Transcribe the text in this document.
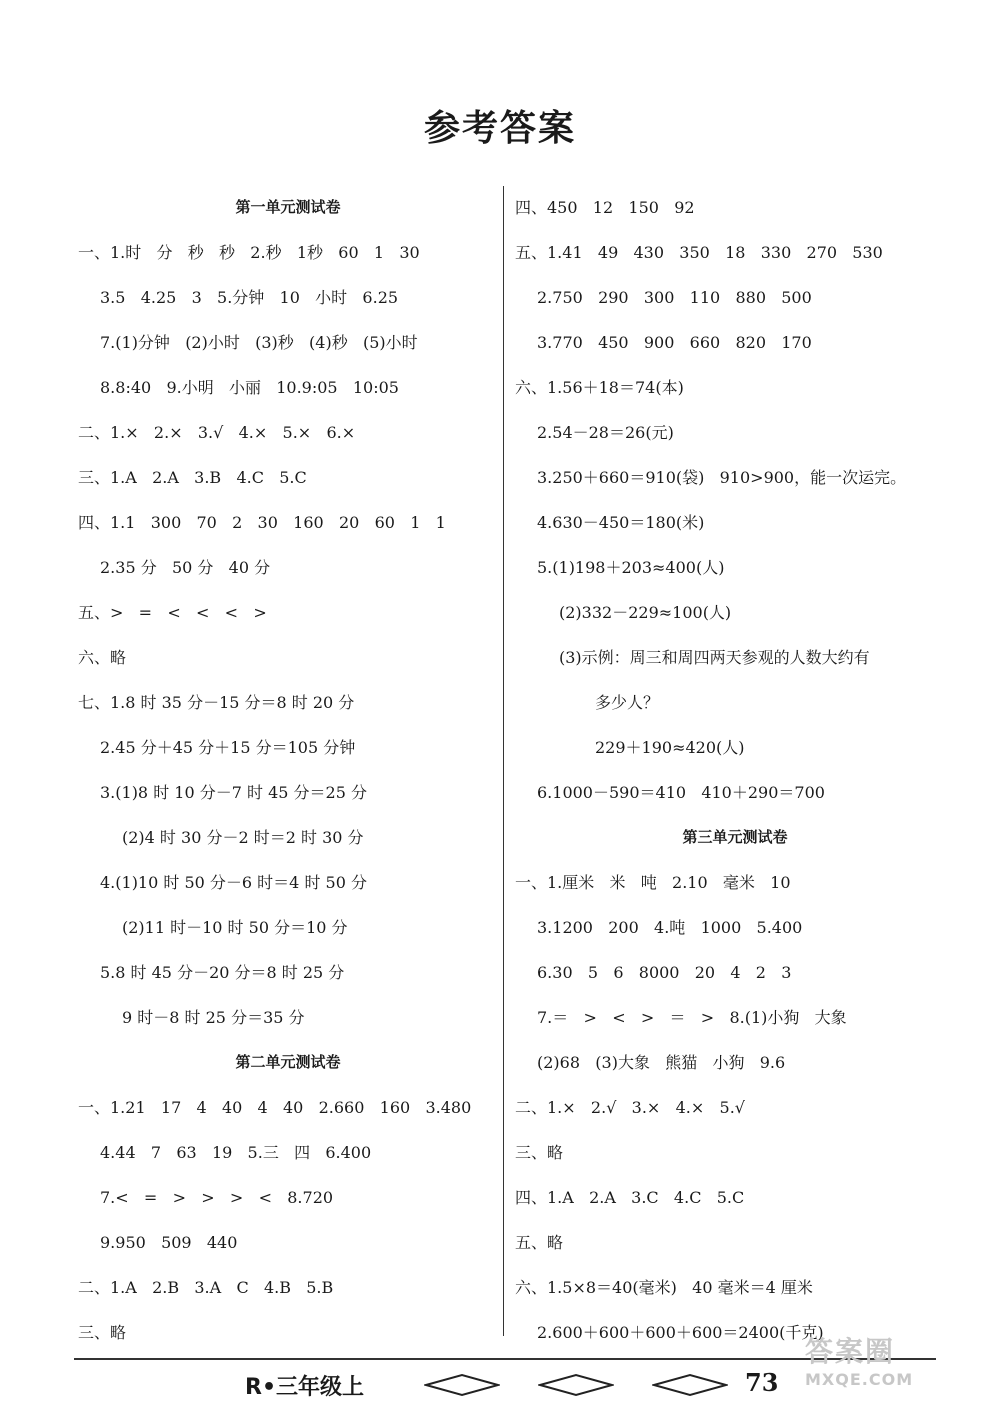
参考答案
第一单元测试卷
一、1.时   分   秒   秒   2.秒   1秒   60   1   30
3.5   4.25   3   5.分钟   10   小时   6.25
7.(1)分钟   (2)小时   (3)秒   (4)秒   (5)小时
8.8:40   9.小明   小丽   10.9:05   10:05
二、1.×   2.×   3.√   4.×   5.×   6.×
三、1.A   2.A   3.B   4.C   5.C
四、1.1   300   70   2   30   160   20   60   1   1
2.35 分   50 分   40 分
五、>   =   <   <   <   >
六、略
七、1.8 时 35 分－15 分＝8 时 20 分
2.45 分＋45 分＋15 分＝105 分钟
3.(1)8 时 10 分－7 时 45 分＝25 分
(2)4 时 30 分－2 时＝2 时 30 分
4.(1)10 时 50 分－6 时＝4 时 50 分
(2)11 时－10 时 50 分＝10 分
5.8 时 45 分－20 分＝8 时 25 分
9 时－8 时 25 分＝35 分
第二单元测试卷
一、1.21   17   4   40   4   40   2.660   160   3.480
4.44   7   63   19   5.三   四   6.400
7.<   =   >   >   >   <   8.720
9.950   509   440
二、1.A   2.B   3.A   C   4.B   5.B
三、略
四、450   12   150   92
五、1.41   49   430   350   18   330   270   530
2.750   290   300   110   880   500
3.770   450   900   660   820   170
六、1.56＋18＝74(本)
2.54－28＝26(元)
3.250＋660＝910(袋)   910>900，能一次运完。
4.630－450＝180(米)
5.(1)198＋203≈400(人)
(2)332－229≈100(人)
(3)示例：周三和周四两天参观的人数大约有
多少人？
229＋190≈420(人)
6.1000－590＝410   410＋290＝700
第三单元测试卷
一、1.厘米   米   吨   2.10   毫米   10
3.1200   200   4.吨   1000   5.400
6.30   5   6   8000   20   4   2   3
7.＝   >   <   >   ＝   >   8.(1)小狗   大象
(2)68   (3)大象   熊猫   小狗   9.6
二、1.×   2.√   3.×   4.×   5.√
三、略
四、1.A   2.A   3.C   4.C   5.C
五、略
六、1.5×8＝40(毫米)   40 毫米＝4 厘米
2.600＋600＋600＋600＝2400(千克)
R•三年级上	73
答案圈
MXQE.COM
